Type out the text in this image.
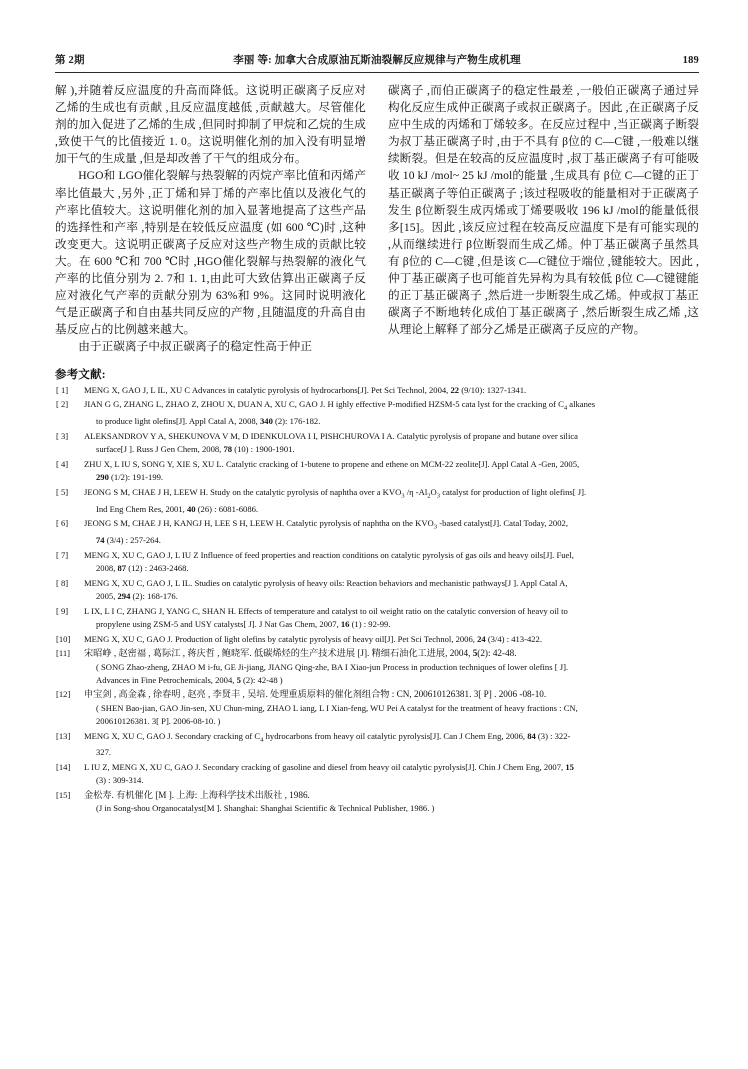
第 2期	李丽 等: 加拿大合成原油瓦斯油裂解反应规律与产物生成机理	189

解 ),并随着反应温度的升高而降低。这说明正碳离子反应对乙烯的生成也有贡献 ,且反应温度越低 ,贡献越大。尽管催化剂的加入促进了乙烯的生成 ,但同时抑制了甲烷和乙烷的生成 ,致使干气的比值接近 1. 0。这说明催化剂的加入没有明显增加干气的生成量 ,但是却改善了干气的组成分布。

HGO和 LGO催化裂解与热裂解的丙烷产率比值和丙烯产率比值最大 ,另外 ,正丁烯和异丁烯的产率比值以及液化气的产率比值较大。这说明催化剂的加入显著地提高了这些产品的选择性和产率 ,特别是在较低反应温度 (如 600 ℃)时 ,这种改变更大。这说明正碳离子反应对这些产物生成的贡献比较大。在 600 ℃和 700 ℃时 ,HGO催化裂解与热裂解的液化气产率的比值分别为 2. 7和 1. 1,由此可大致估算出正碳离子反应对液化气产率的贡献分别为 63%和 9%。这同时说明液化气是正碳离子和自由基共同反应的产物 ,且随温度的升高自由基反应占的比例越来越大。

由于正碳离子中叔正碳离子的稳定性高于仲正

碳离子 ,而伯正碳离子的稳定性最差 ,一般伯正碳离子通过异构化反应生成仲正碳离子或叔正碳离子。因此 ,在正碳离子反应中生成的丙烯和丁烯较多。在反应过程中 ,当正碳离子断裂为叔丁基正碳离子时 ,由于不具有 β位的 C—C键 ,一般难以继续断裂。但是在较高的反应温度时 ,叔丁基正碳离子有可能吸收 10 kJ /mol~ 25 kJ /mol的能量 ,生成具有 β位 C—C键的正丁基正碳离子等伯正碳离子 ;该过程吸收的能量相对于正碳离子发生 β位断裂生成丙烯或丁烯要吸收 196 kJ /mol的能量低很多[15]。因此 ,该反应过程在较高反应温度下是有可能实现的 ,从而继续进行 β位断裂而生成乙烯。仲丁基正碳离子虽然具有 β位的 C—C键 ,但是该 C—C键位于端位 ,键能较大。因此 ,仲丁基正碳离子也可能首先异构为具有较低 β位 C—C键键能的正丁基正碳离子 ,然后进一步断裂生成乙烯。仲或叔丁基正碳离子不断地转化成伯丁基正碳离子 ,然后断裂生成乙烯 ,这从理论上解释了部分乙烯是正碳离子反应的产物。

参考文献:
[ 1]	MENG X, GAO J, L IL, XU C Advances in catalytic pyrolysis of hydrocarbons[J]. Pet Sci Technol, 2004, 22 (9/10): 1327-1341.
[ 2]	JIAN G G, ZHANG L, ZHAO Z, ZHOU X, DUAN A, XU C, GAO J. H ighly effective P-modified HZSM-5 cata lyst for the cracking of $C_4$ alkanes
to produce light olefins[J]. Appl Catal A, 2008, 340 (2): 176-182.
[ 3]	ALEKSANDROV Y A, SHEKUNOVA V M, D IDENKULOVA I I, PISHCHUROVA I A. Catalytic pyrolysis of propane and butane over silica
surface[J ]. Russ J Gen Chem, 2008, 78 (10) : 1900-1901.
[ 4]	ZHU X, L IU S, SONG Y, XIE S, XU L. Catalytic cracking of 1-butene to propene and ethene on MCM-22 zeolite[J]. Appl Catal A -Gen, 2005,
290 (1/2): 191-199.
[ 5]	JEONG S M, CHAE J H, LEEW H. Study on the catalytic pyrolysis of naphtha over a $KVO_3$ /η $-Al_2O_3$ catalyst for production of light olefins[ J].
Ind Eng Chem Res, 2001, 40 (26) : 6081-6086.
[ 6]	JEONG S M, CHAE J H, KANGJ H, LEE S H, LEEW H. Catalytic pyrolysis of naphtha on the $KVO_3$ -based catalyst[J]. Catal Today, 2002,
74 (3/4) : 257-264.
[ 7]	MENG X, XU C, GAO J, L IU Z Influence of feed properties and reaction conditions on catalytic pyrolysis of gas oils and heavy oils[J]. Fuel,
2008, 87 (12) : 2463-2468.
[ 8]	MENG X, XU C, GAO J, L IL. Studies on catalytic pyrolysis of heavy oils: Reaction behaviors and mechanistic pathways[J ]. Appl Catal A,
2005, 294 (2): 168-176.
[ 9]	L IX, L I C, ZHANG J, YANG C, SHAN H. Effects of temperature and catalyst to oil weight ratio on the catalytic conversion of heavy oil to
propylene using ZSM-5 and USY catalysts[ J]. J Nat Gas Chem, 2007, 16 (1) : 92-99.
[10]	MENG X, XU C, GAO J. Production of light olefins by catalytic pyrolysis of heavy oil[J]. Pet Sci Technol, 2006, 24 (3/4) : 413-422.
[11]	宋昭峥 , 赵密福 , 葛际江 , 蒋庆哲 , 鲍晓军. 低碳烯烃的生产技术进展 [J]. 精细石油化工进展, 2004, 5(2): 42-48.
( SONG Zhao-zheng, ZHAO M i-fu, GE Ji-jiang, JIANG Qing-zhe, BA I Xiao-jun Process in production techniques of lower olefins [ J].
Advances in Fine Petrochemicals, 2004, 5 (2): 42-48 )
[12]	申宝剑 , 高金森 , 徐春明 , 赵亮 , 李贤丰 , 吴培. 处理重质原料的催化剂组合物 : CN, 200610126381. 3[ P] . 2006 -08-10.
( SHEN Bao-jian, GAO Jin-sen, XU Chun-ming, ZHAO L iang, L I Xian-feng, WU Pei A catalyst for the treatment of heavy fractions : CN,
200610126381. 3[ P]. 2006-08-10. )
[13]	MENG X, XU C, GAO J. Secondary cracking of $C_4$ hydrocarbons from heavy oil catalytic pyrolysis[J]. Can J Chem Eng, 2006, 84 (3) : 322-
327.
[14]	L IU Z, MENG X, XU C, GAO J. Secondary cracking of gasoline and diesel from heavy oil catalytic pyrolysis[J]. Chin J Chem Eng, 2007, 15
(3) : 309-314.
[15]	金松寿. 有机催化 [M ]. 上海: 上海科学技术出版社 , 1986.
(J in Song-shou Organocatalyst[M ]. Shanghai: Shanghai Scientific & Technical Publisher, 1986. )
